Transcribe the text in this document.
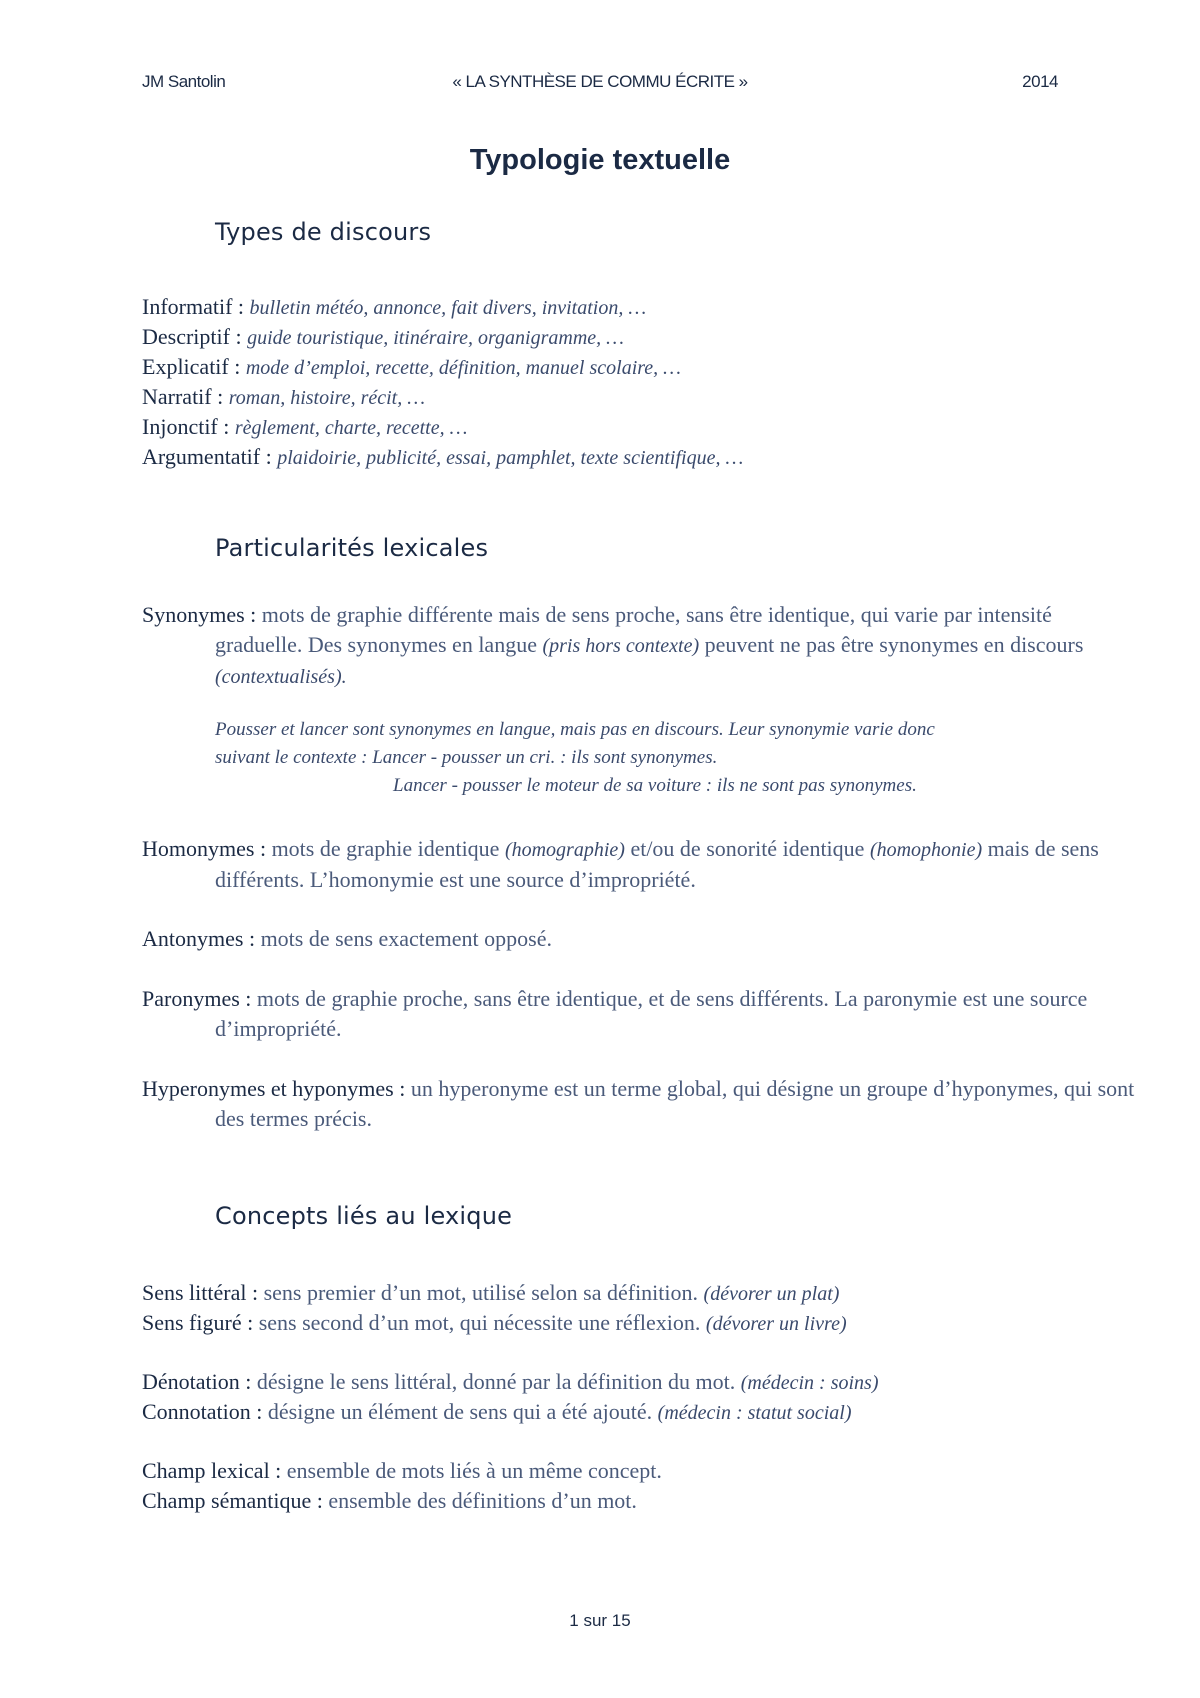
JM Santolin	« LA SYNTHÈSE DE COMMU ÉCRITE »	2014
Typologie textuelle
Types de discours
Informatif : bulletin météo, annonce, fait divers, invitation, …
Descriptif : guide touristique, itinéraire, organigramme, …
Explicatif : mode d’emploi, recette, définition, manuel scolaire, …
Narratif : roman, histoire, récit, …
Injonctif : règlement, charte, recette, …
Argumentatif : plaidoirie, publicité, essai, pamphlet, texte scientifique, …
Particularités lexicales
Synonymes : mots de graphie différente mais de sens proche, sans être identique, qui varie par intensité graduelle. Des synonymes en langue (pris hors contexte) peuvent ne pas être synonymes en discours (contextualisés).
Pousser et lancer sont synonymes en langue, mais pas en discours. Leur synonymie varie donc
suivant le contexte : Lancer - pousser un cri. : ils sont synonymes.
Lancer - pousser le moteur de sa voiture : ils ne sont pas synonymes.
Homonymes : mots de graphie identique (homographie) et/ou de sonorité identique (homophonie) mais de sens différents. L’homonymie est une source d’impropriété.
Antonymes : mots de sens exactement opposé.
Paronymes : mots de graphie proche, sans être identique, et de sens différents. La paronymie est une source d’impropriété.
Hyperonymes et hyponymes : un hyperonyme est un terme global, qui désigne un groupe d’hyponymes, qui sont des termes précis.
Concepts liés au lexique
Sens littéral : sens premier d’un mot, utilisé selon sa définition. (dévorer un plat)
Sens figuré : sens second d’un mot, qui nécessite une réflexion. (dévorer un livre)
Dénotation : désigne le sens littéral, donné par la définition du mot. (médecin : soins)
Connotation : désigne un élément de sens qui a été ajouté. (médecin : statut social)
Champ lexical : ensemble de mots liés à un même concept.
Champ sémantique : ensemble des définitions d’un mot.
1 sur 15
